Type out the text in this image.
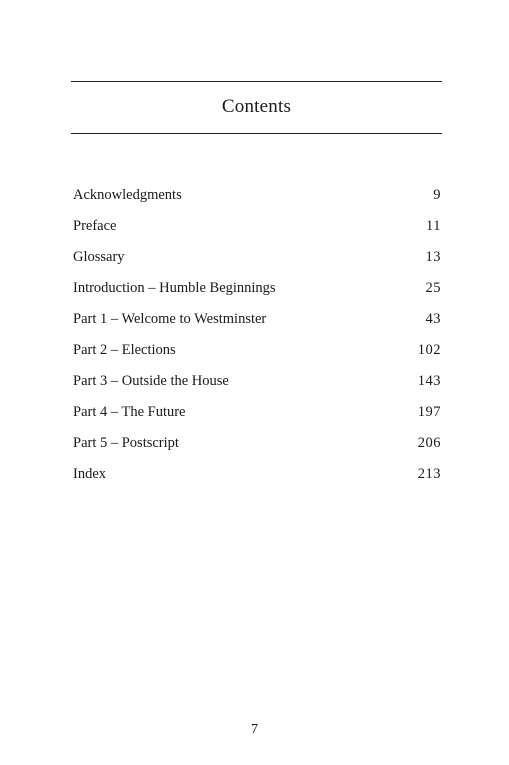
Contents
Acknowledgments	9
Preface	11
Glossary	13
Introduction – Humble Beginnings	25
Part 1 – Welcome to Westminster	43
Part 2 – Elections	102
Part 3 – Outside the House	143
Part 4 – The Future	197
Part 5 – Postscript	206
Index	213
7
